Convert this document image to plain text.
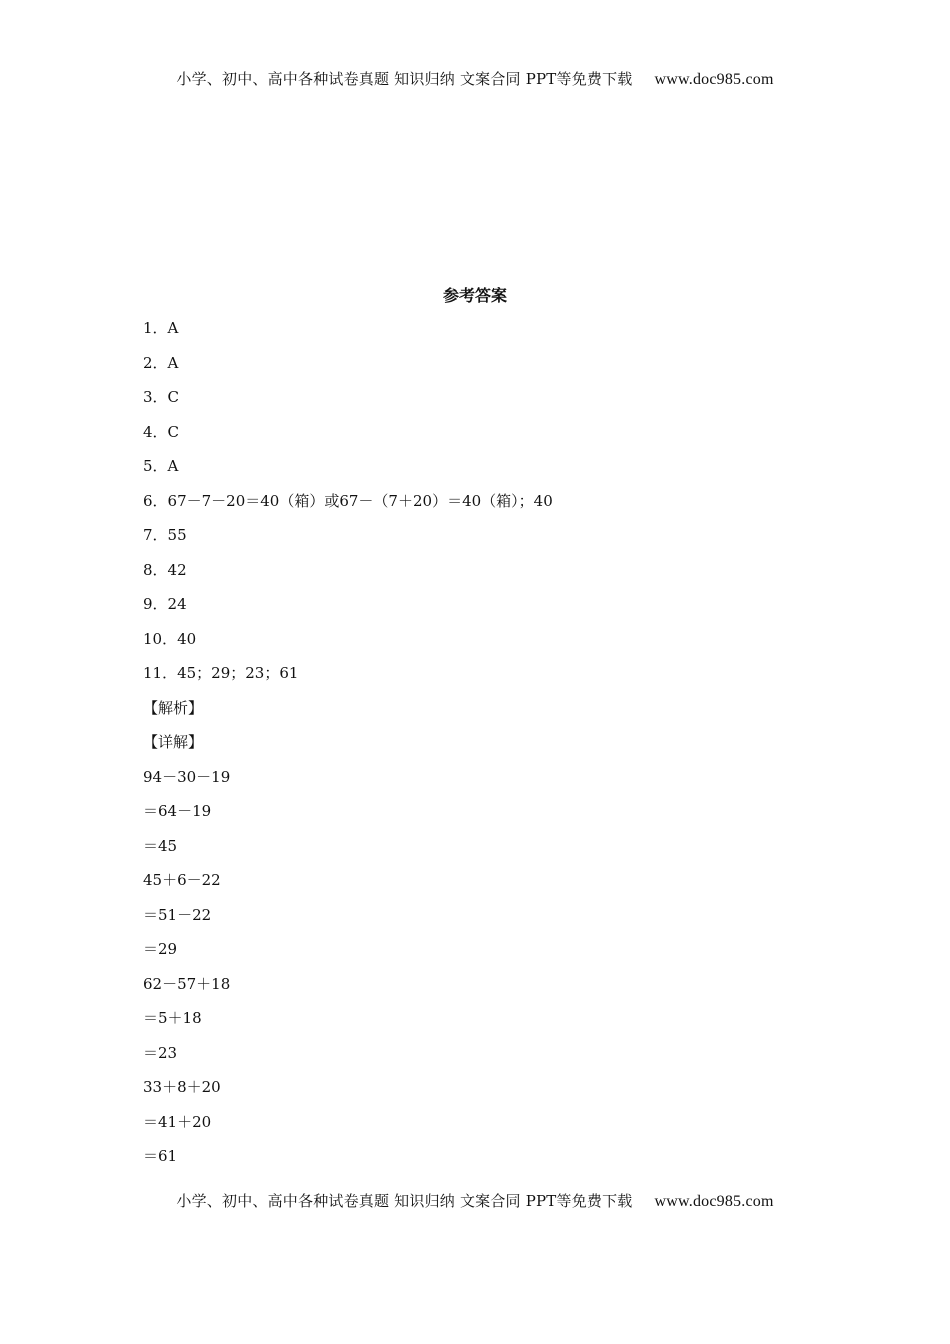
小学、初中、高中各种试卷真题 知识归纳 文案合同 PPT等免费下载 www.doc985.com
参考答案
1．A
2．A
3．C
4．C
5．A
6．67－7－20＝40（箱）或67－（7＋20）＝40（箱）；40
7．55
8．42
9．24
10．40
11．45；29；23；61
【解析】
【详解】
94－30－19
＝64－19
＝45
45＋6－22
＝51－22
＝29
62－57＋18
＝5＋18
＝23
33＋8＋20
＝41＋20
＝61
小学、初中、高中各种试卷真题 知识归纳 文案合同 PPT等免费下载 www.doc985.com
